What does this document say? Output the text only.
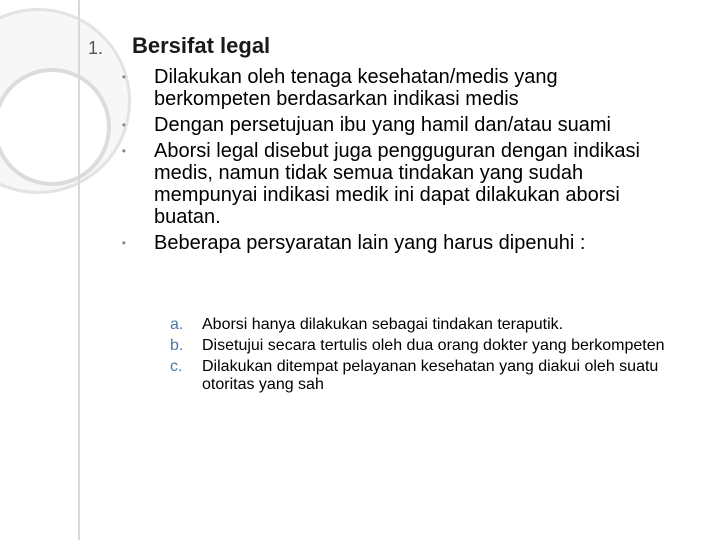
1. Bersifat legal
• Dilakukan oleh tenaga kesehatan/medis yang berkompeten berdasarkan indikasi medis
• Dengan persetujuan ibu yang hamil dan/atau suami
• Aborsi legal disebut juga pengguguran dengan indikasi medis, namun tidak semua tindakan yang sudah mempunyai indikasi medik ini dapat dilakukan aborsi buatan.
• Beberapa persyaratan lain yang harus dipenuhi :
a.	Aborsi hanya dilakukan sebagai tindakan teraputik.
b.	Disetujui secara tertulis oleh dua orang dokter yang berkompeten
c.	Dilakukan ditempat pelayanan kesehatan yang diakui oleh suatu otoritas yang sah
